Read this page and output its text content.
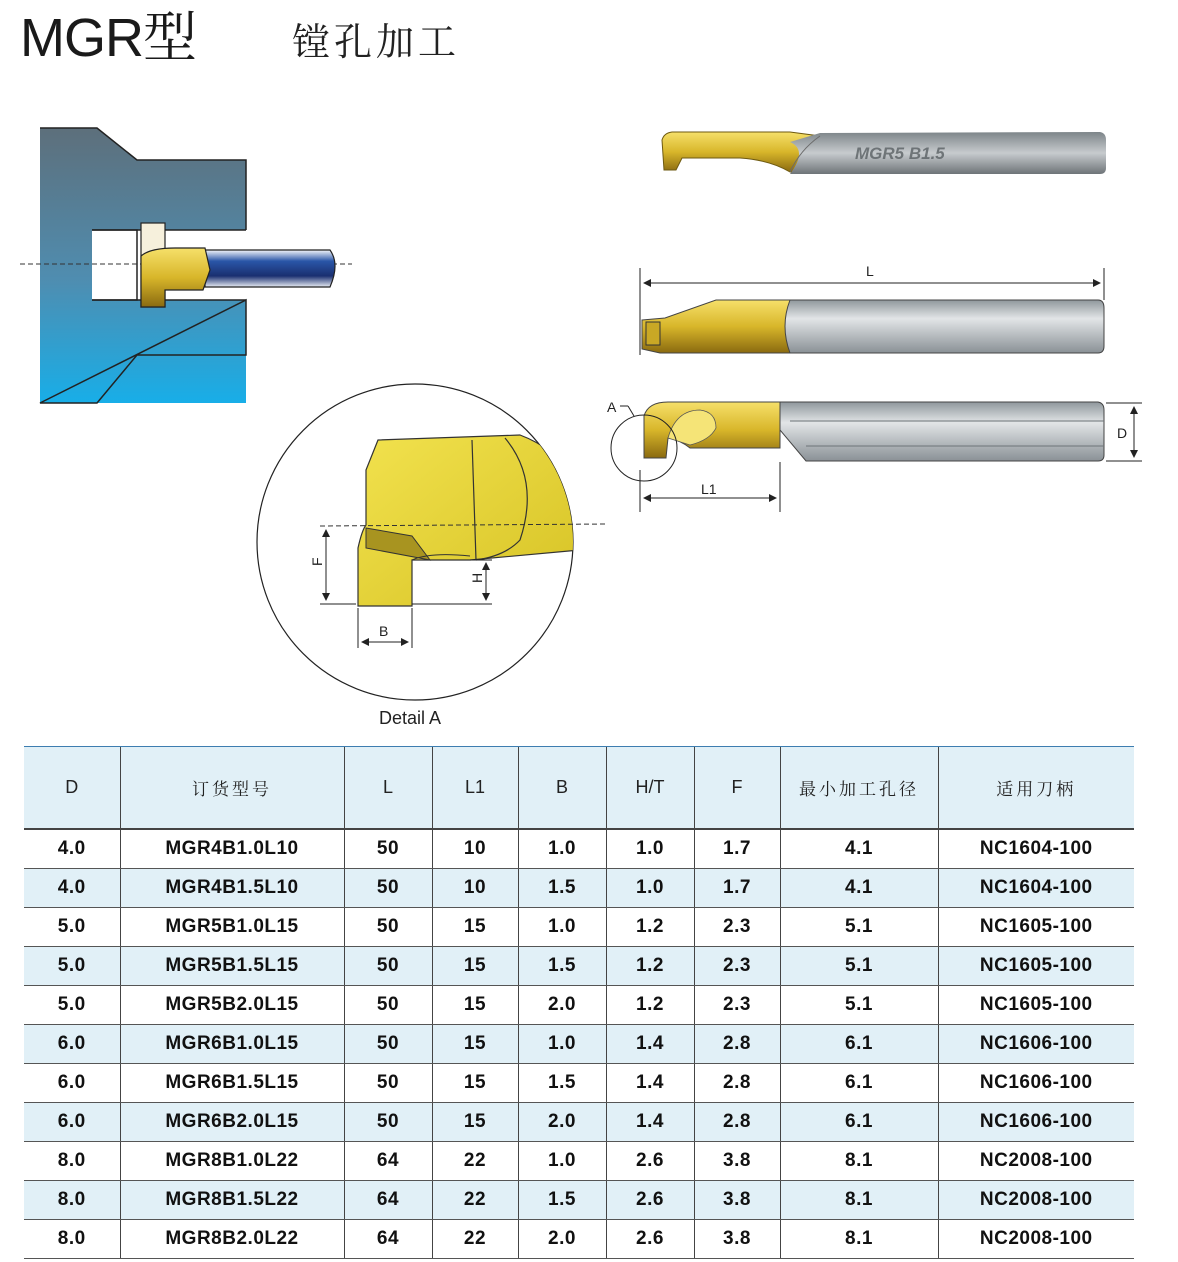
MGR型	镗孔加工
MGR5 B1.5
L
A
L1
D
F
H
B
Detail A
D	订货型号	L	L1	B	H/T	F	最小加工孔径	适用刀柄
4.0	MGR4B1.0L10	50	10	1.0	1.0	1.7	4.1	NC1604-100
4.0	MGR4B1.5L10	50	10	1.5	1.0	1.7	4.1	NC1604-100
5.0	MGR5B1.0L15	50	15	1.0	1.2	2.3	5.1	NC1605-100
5.0	MGR5B1.5L15	50	15	1.5	1.2	2.3	5.1	NC1605-100
5.0	MGR5B2.0L15	50	15	2.0	1.2	2.3	5.1	NC1605-100
6.0	MGR6B1.0L15	50	15	1.0	1.4	2.8	6.1	NC1606-100
6.0	MGR6B1.5L15	50	15	1.5	1.4	2.8	6.1	NC1606-100
6.0	MGR6B2.0L15	50	15	2.0	1.4	2.8	6.1	NC1606-100
8.0	MGR8B1.0L22	64	22	1.0	2.6	3.8	8.1	NC2008-100
8.0	MGR8B1.5L22	64	22	1.5	2.6	3.8	8.1	NC2008-100
8.0	MGR8B2.0L22	64	22	2.0	2.6	3.8	8.1	NC2008-100
